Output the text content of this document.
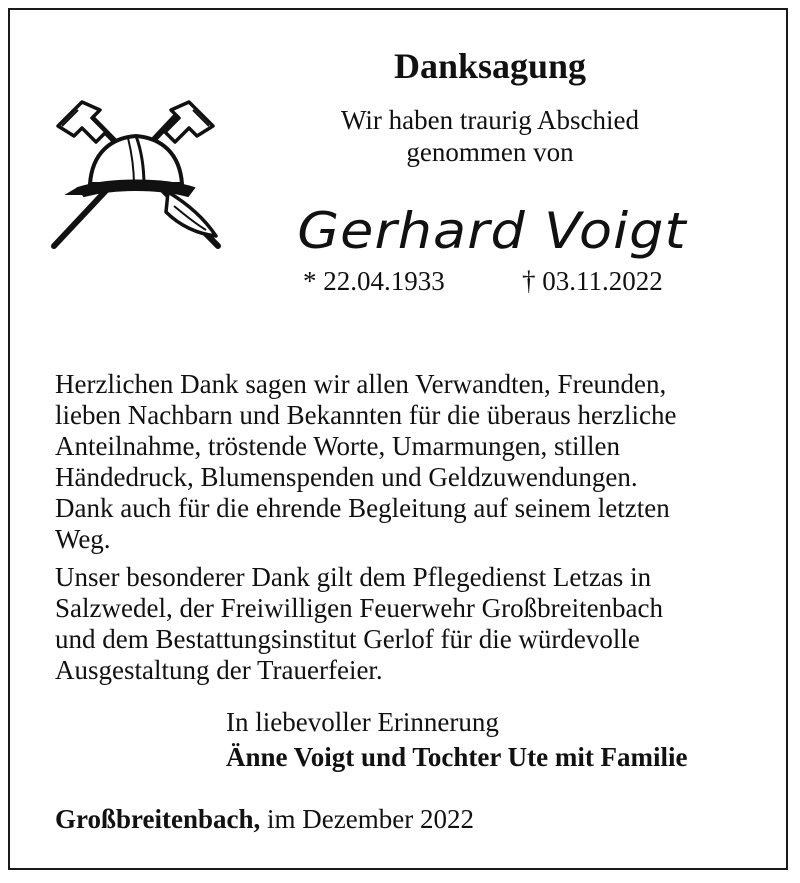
Danksagung
Wir haben traurig Abschied
genommen von
Gerhard Voigt
* 22.04.1933	† 03.11.2022
Herzlichen Dank sagen wir allen Verwandten, Freunden,
lieben Nachbarn und Bekannten für die überaus herzliche
Anteilnahme, tröstende Worte, Umarmungen, stillen
Händedruck, Blumenspenden und Geldzuwendungen.
Dank auch für die ehrende Begleitung auf seinem letzten
Weg.
Unser besonderer Dank gilt dem Pflegedienst Letzas in
Salzwedel, der Freiwilligen Feuerwehr Großbreitenbach
und dem Bestattungsinstitut Gerlof für die würdevolle
Ausgestaltung der Trauerfeier.
In liebevoller Erinnerung
Änne Voigt und Tochter Ute mit Familie
Großbreitenbach, im Dezember 2022
